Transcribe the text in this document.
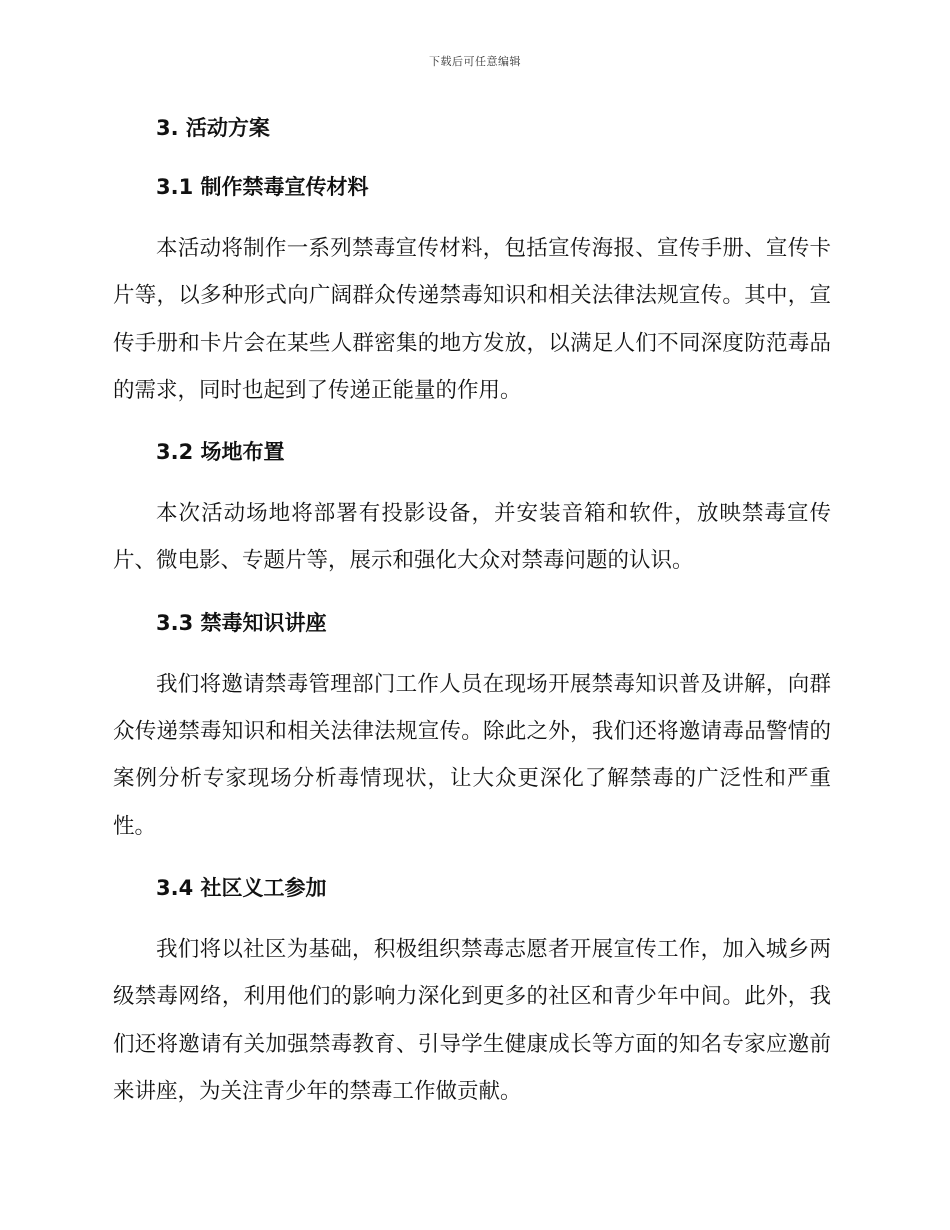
下载后可任意编辑
3. 活动方案
3.1 制作禁毒宣传材料

本活动将制作一系列禁毒宣传材料，包括宣传海报、宣传手册、宣传卡片等，以多种形式向广阔群众传递禁毒知识和相关法律法规宣传。其中，宣传手册和卡片会在某些人群密集的地方发放，以满足人们不同深度防范毒品的需求，同时也起到了传递正能量的作用。

3.2 场地布置

本次活动场地将部署有投影设备，并安装音箱和软件，放映禁毒宣传片、微电影、专题片等，展示和强化大众对禁毒问题的认识。

3.3 禁毒知识讲座

我们将邀请禁毒管理部门工作人员在现场开展禁毒知识普及讲解，向群众传递禁毒知识和相关法律法规宣传。除此之外，我们还将邀请毒品警情的案例分析专家现场分析毒情现状，让大众更深化了解禁毒的广泛性和严重性。

3.4 社区义工参加

我们将以社区为基础，积极组织禁毒志愿者开展宣传工作，加入城乡两级禁毒网络，利用他们的影响力深化到更多的社区和青少年中间。此外，我们还将邀请有关加强禁毒教育、引导学生健康成长等方面的知名专家应邀前来讲座，为关注青少年的禁毒工作做贡献。
